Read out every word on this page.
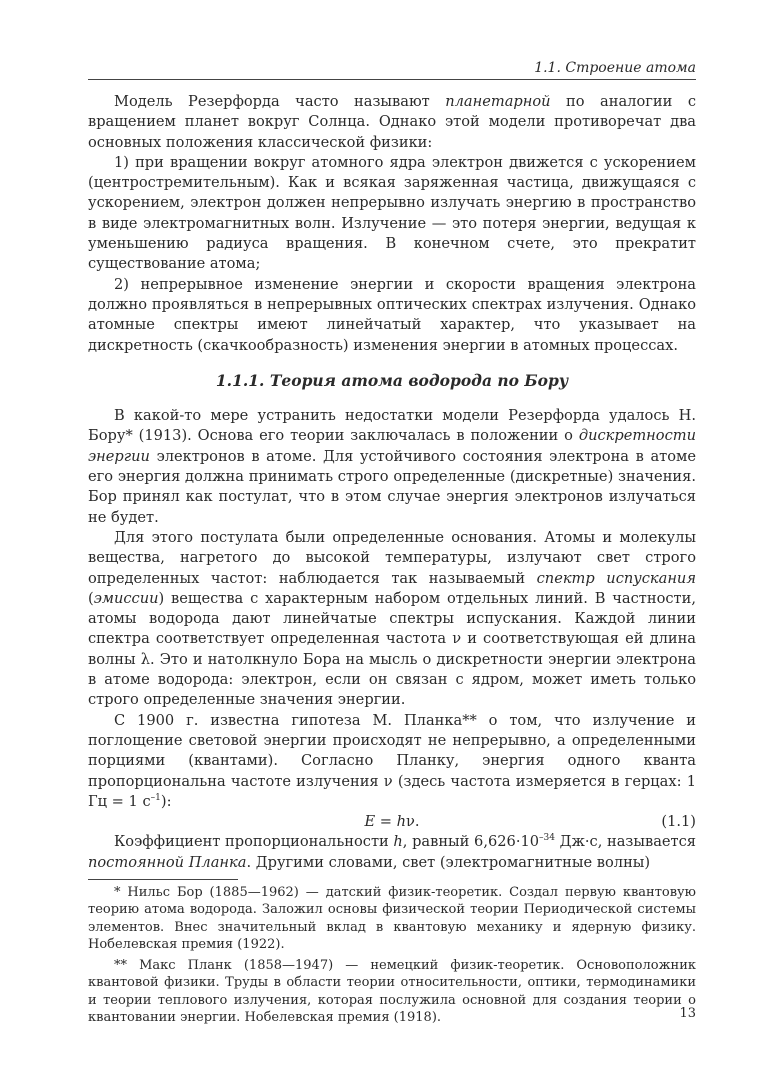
1.1. Строение атома

Модель Резерфорда часто называют планетарной по аналогии с вращением планет вокруг Солнца. Однако этой модели противоречат два основных положения классической физики:

1) при вращении вокруг атомного ядра электрон движется с ускорением (центростремительным). Как и всякая заряженная частица, движущаяся с ускорением, электрон должен непрерывно излучать энергию в пространство в виде электромагнитных волн. Излучение — это потеря энергии, ведущая к уменьшению радиуса вращения. В конечном счете, это прекратит существование атома;

2) непрерывное изменение энергии и скорости вращения электрона должно проявляться в непрерывных оптических спектрах излучения. Однако атомные спектры имеют линейчатый характер, что указывает на дискретность (скачкообразность) изменения энергии в атомных процессах.

1.1.1. Теория атома водорода по Бору

В какой-то мере устранить недостатки модели Резерфорда удалось Н. Бору* (1913). Основа его теории заключалась в положении о дискретности энергии электронов в атоме. Для устойчивого состояния электрона в атоме его энергия должна принимать строго определенные (дискретные) значения. Бор принял как постулат, что в этом случае энергия электронов излучаться не будет.

Для этого постулата были определенные основания. Атомы и молекулы вещества, нагретого до высокой температуры, излучают свет строго определенных частот: наблюдается так называемый спектр испускания (эмиссии) вещества с характерным набором отдельных линий. В частности, атомы водорода дают линейчатые спектры испускания. Каждой линии спектра соответствует определенная частота ν и соответствующая ей длина волны λ. Это и натолкнуло Бора на мысль о дискретности энергии электрона в атоме водорода: электрон, если он связан с ядром, может иметь только строго определенные значения энергии.

С 1900 г. известна гипотеза М. Планка** о том, что излучение и поглощение световой энергии происходят не непрерывно, а определенными порциями (квантами). Согласно Планку, энергия одного кванта пропорциональна частоте излучения ν (здесь частота измеряется в герцах: 1 Гц = 1 $с^{-1}$):

E = hν.	(1.1)

Коэффициент пропорциональности h, равный $6,626\cdot 10^{-34}$ Дж·с, называется постоянной Планка. Другими словами, свет (электромагнитные волны)

* Нильс Бор (1885—1962) — датский физик-теоретик. Создал первую квантовую теорию атома водорода. Заложил основы физической теории Периодической системы элементов. Внес значительный вклад в квантовую механику и ядерную физику. Нобелевская премия (1922).

** Макс Планк (1858—1947) — немецкий физик-теоретик. Основоположник квантовой физики. Труды в области теории относительности, оптики, термодинамики и теории теплового излучения, которая послужила основной для создания теории о квантовании энергии. Нобелевская премия (1918).	13
